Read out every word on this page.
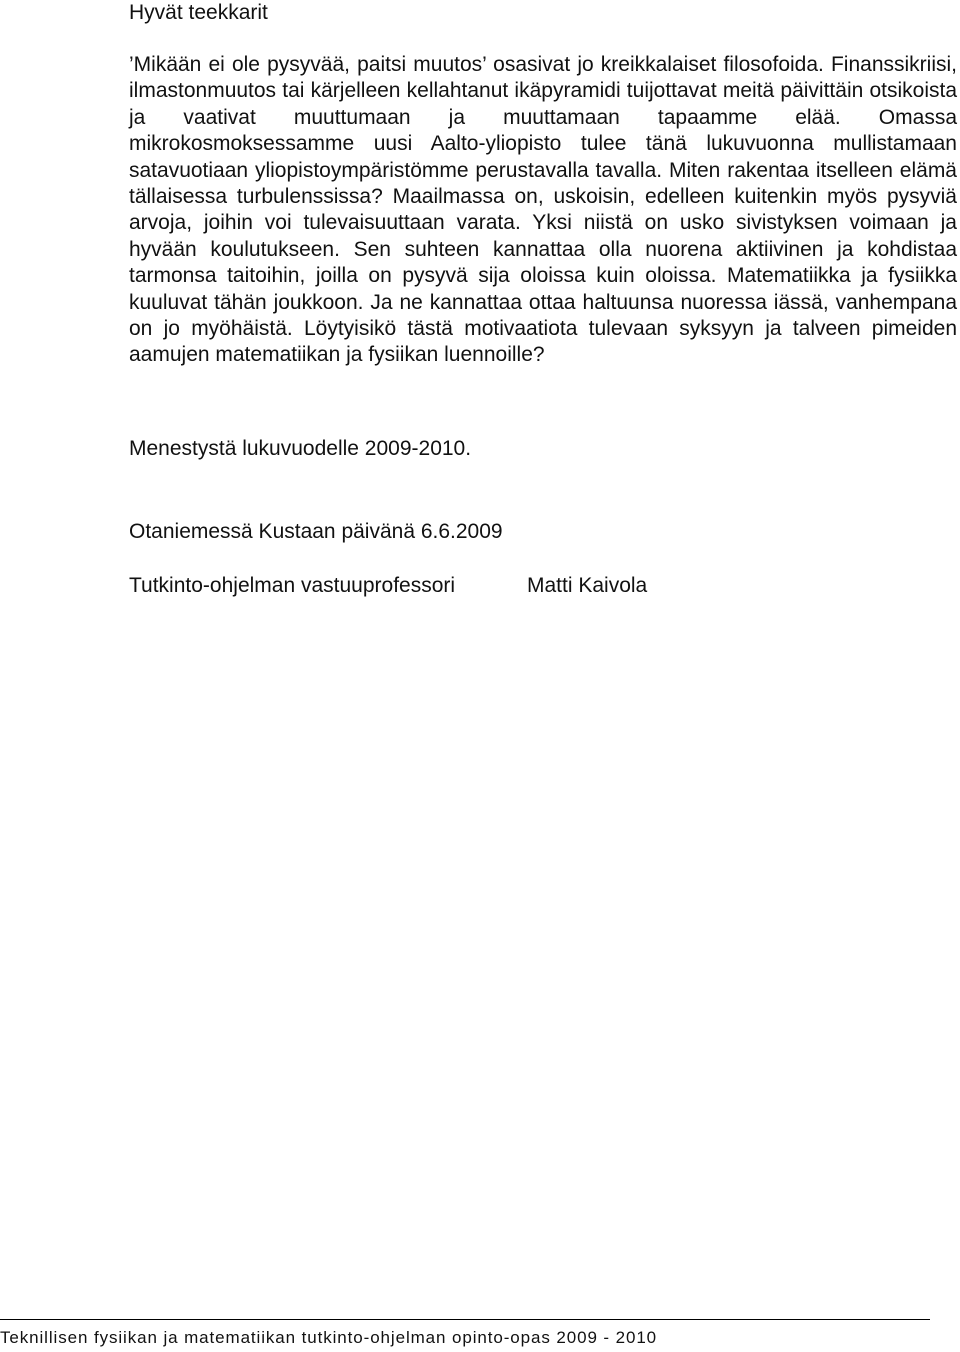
Hyvät teekkarit

’Mikään ei ole pysyvää, paitsi muutos’ osasivat jo kreikkalaiset filosofoida. Finanssikriisi, ilmastonmuutos tai kärjelleen kellahtanut ikäpyramidi tuijottavat meitä päivittäin otsikoista ja vaativat muuttumaan ja muuttamaan tapaamme elää. Omassa mikrokosmoksessamme uusi Aalto-yliopisto tulee tänä lukuvuonna mullistamaan satavuotiaan yliopistoympäristömme perustavalla tavalla. Miten rakentaa itselleen elämä tällaisessa turbulenssissa? Maailmassa on, uskoisin, edelleen kuitenkin myös pysyviä arvoja, joihin voi tulevaisuuttaan varata. Yksi niistä on usko sivistyksen voimaan ja hyvään koulutukseen. Sen suhteen kannattaa olla nuorena aktiivinen ja kohdistaa tarmonsa taitoihin, joilla on pysyvä sija oloissa kuin oloissa. Matematiikka ja fysiikka kuuluvat tähän joukkoon. Ja ne kannattaa ottaa haltuunsa nuoressa iässä, vanhempana on jo myöhäistä. Löytyisikö tästä motivaatiota tulevaan syksyyn ja talveen pimeiden aamujen matematiikan ja fysiikan luennoille?

Menestystä lukuvuodelle 2009-2010.

Otaniemessä Kustaan päivänä 6.6.2009

Tutkinto-ohjelman vastuuprofessori	Matti Kaivola

Teknillisen fysiikan ja matematiikan tutkinto-ohjelman opinto-opas 2009 - 2010
